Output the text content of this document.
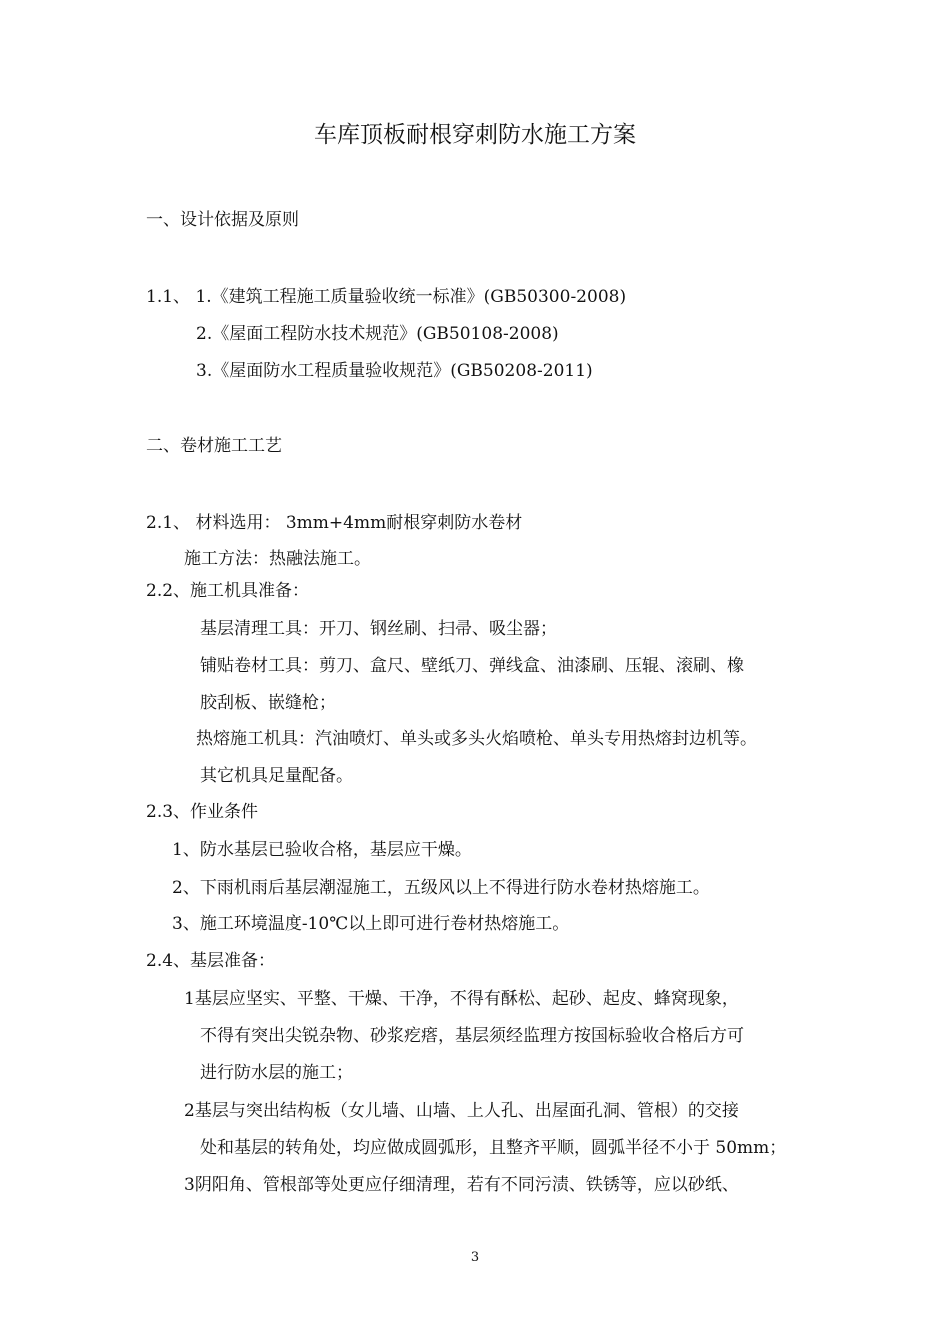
车库顶板耐根穿刺防水施工方案
一、设计依据及原则
1.1、 1.《建筑工程施工质量验收统一标准》(GB50300-2008)
2.《屋面工程防水技术规范》(GB50108-2008)
3.《屋面防水工程质量验收规范》(GB50208-2011)
二、卷材施工工艺
2.1、 材料选用： 3mm+4mm耐根穿刺防水卷材
施工方法：热融法施工。
2.2、施工机具准备：
基层清理工具：开刀、钢丝刷、扫帚、吸尘器；
铺贴卷材工具：剪刀、盒尺、壁纸刀、弹线盒、油漆刷、压辊、滚刷、橡
胶刮板、嵌缝枪；
热熔施工机具：汽油喷灯、单头或多头火焰喷枪、单头专用热熔封边机等。
其它机具足量配备。
2.3、作业条件
1、防水基层已验收合格，基层应干燥。
2、下雨机雨后基层潮湿施工，五级风以上不得进行防水卷材热熔施工。
3、施工环境温度-10℃以上即可进行卷材热熔施工。
2.4、基层准备：
1基层应坚实、平整、干燥、干净，不得有酥松、起砂、起皮、蜂窝现象，
不得有突出尖锐杂物、砂浆疙瘩，基层须经监理方按国标验收合格后方可
进行防水层的施工；
2基层与突出结构板（女儿墙、山墙、上人孔、出屋面孔洞、管根）的交接
处和基层的转角处，均应做成圆弧形，且整齐平顺，圆弧半径不小于 50mm；
3阴阳角、管根部等处更应仔细清理，若有不同污渍、铁锈等，应以砂纸、
3
